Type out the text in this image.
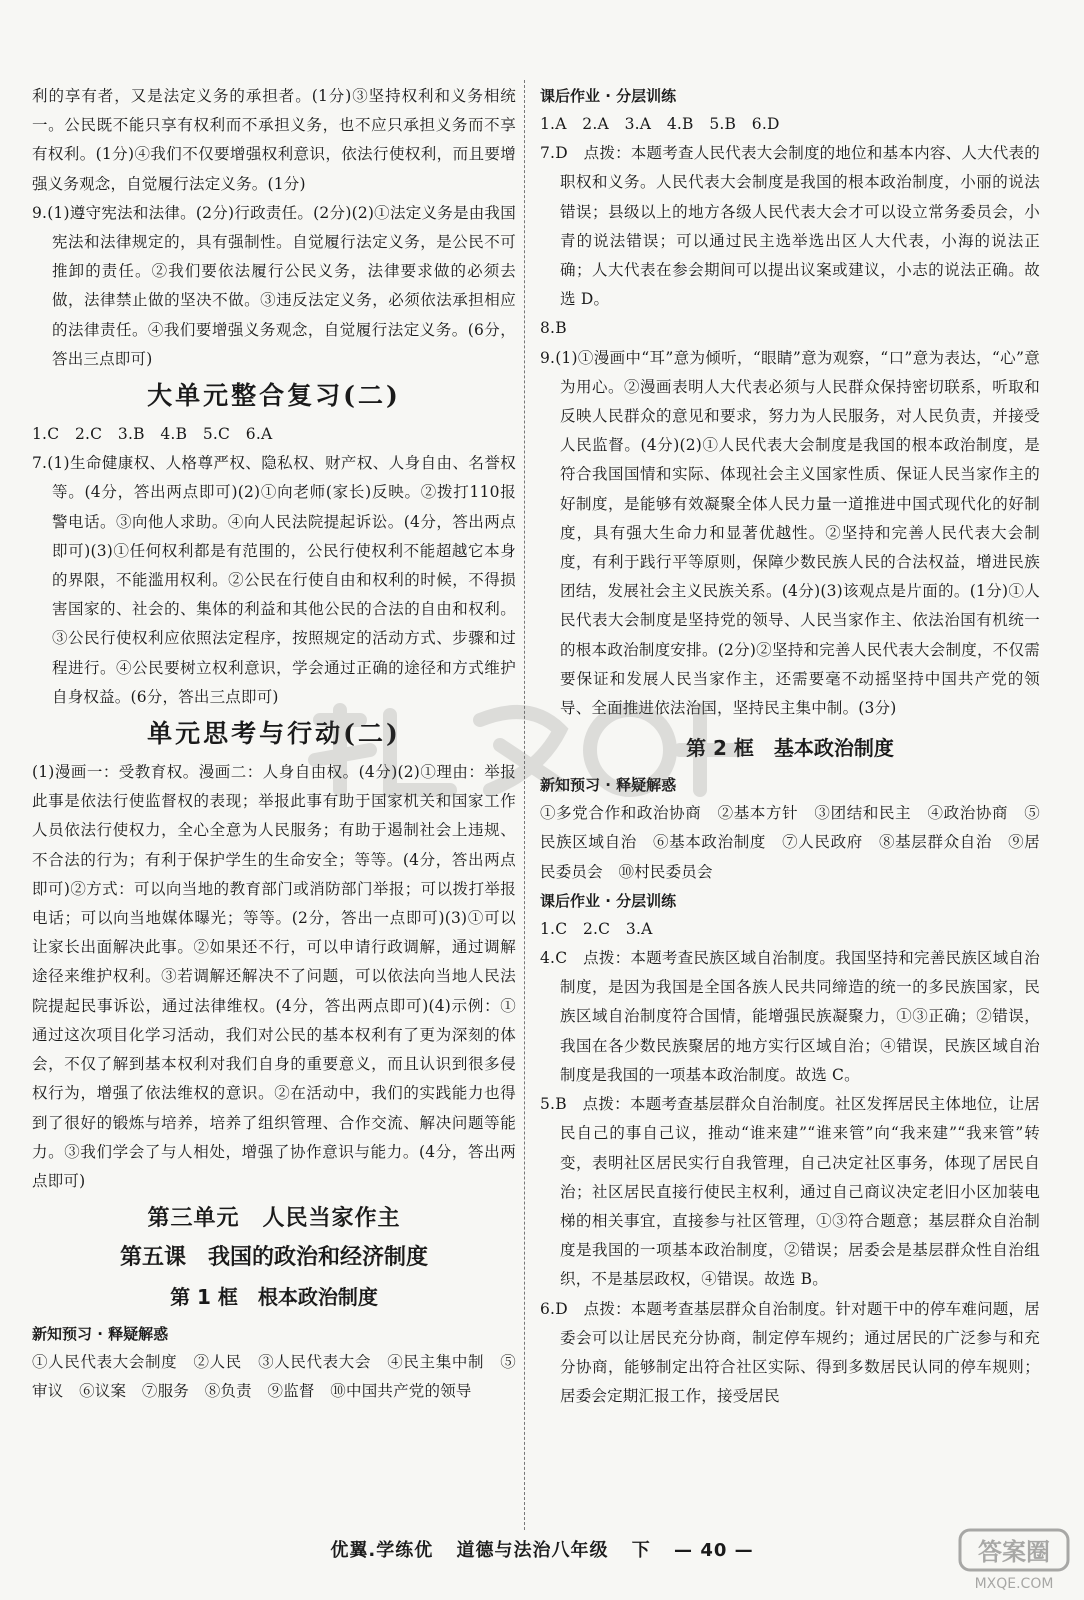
利的享有者，又是法定义务的承担者。(1分)③坚持权利和义务相统一。公民既不能只享有权利而不承担义务，也不应只承担义务而不享有权利。(1分)④我们不仅要增强权利意识，依法行使权利，而且要增强义务观念，自觉履行法定义务。(1分)

9.(1)遵守宪法和法律。(2分)行政责任。(2分)(2)①法定义务是由我国宪法和法律规定的，具有强制性。自觉履行法定义务，是公民不可推卸的责任。②我们要依法履行公民义务，法律要求做的必须去做，法律禁止做的坚决不做。③违反法定义务，必须依法承担相应的法律责任。④我们要增强义务观念，自觉履行法定义务。(6分，答出三点即可)

大单元整合复习(二)

1.C　2.C　3.B　4.B　5.C　6.A

7.(1)生命健康权、人格尊严权、隐私权、财产权、人身自由、名誉权等。(4分，答出两点即可)(2)①向老师(家长)反映。②拨打110报警电话。③向他人求助。④向人民法院提起诉讼。(4分，答出两点即可)(3)①任何权利都是有范围的，公民行使权利不能超越它本身的界限，不能滥用权利。②公民在行使自由和权利的时候，不得损害国家的、社会的、集体的利益和其他公民的合法的自由和权利。③公民行使权利应依照法定程序，按照规定的活动方式、步骤和过程进行。④公民要树立权利意识，学会通过正确的途径和方式维护自身权益。(6分，答出三点即可)

单元思考与行动(二)

(1)漫画一：受教育权。漫画二：人身自由权。(4分)(2)①理由：举报此事是依法行使监督权的表现；举报此事有助于国家机关和国家工作人员依法行使权力，全心全意为人民服务；有助于遏制社会上违规、不合法的行为；有利于保护学生的生命安全；等等。(4分，答出两点即可)②方式：可以向当地的教育部门或消防部门举报；可以拨打举报电话；可以向当地媒体曝光；等等。(2分，答出一点即可)(3)①可以让家长出面解决此事。②如果还不行，可以申请行政调解，通过调解途径来维护权利。③若调解还解决不了问题，可以依法向当地人民法院提起民事诉讼，通过法律维权。(4分，答出两点即可)(4)示例：①通过这次项目化学习活动，我们对公民的基本权利有了更为深刻的体会，不仅了解到基本权利对我们自身的重要意义，而且认识到很多侵权行为，增强了依法维权的意识。②在活动中，我们的实践能力也得到了很好的锻炼与培养，培养了组织管理、合作交流、解决问题等能力。③我们学会了与人相处，增强了协作意识与能力。(4分，答出两点即可)

第三单元　人民当家作主
第五课　我国的政治和经济制度
第 1 框　根本政治制度

新知预习 · 释疑解惑

①人民代表大会制度　②人民　③人民代表大会　④民主集中制　⑤审议　⑥议案　⑦服务　⑧负责　⑨监督　⑩中国共产党的领导

课后作业 · 分层训练

1.A　2.A　3.A　4.B　5.B　6.D

7.D　点拨：本题考查人民代表大会制度的地位和基本内容、人大代表的职权和义务。人民代表大会制度是我国的根本政治制度，小丽的说法错误；县级以上的地方各级人民代表大会才可以设立常务委员会，小青的说法错误；可以通过民主选举选出区人大代表，小海的说法正确；人大代表在参会期间可以提出议案或建议，小志的说法正确。故选 D。

8.B

9.(1)①漫画中“耳”意为倾听，“眼睛”意为观察，“口”意为表达，“心”意为用心。②漫画表明人大代表必须与人民群众保持密切联系，听取和反映人民群众的意见和要求，努力为人民服务，对人民负责，并接受人民监督。(4分)(2)①人民代表大会制度是我国的根本政治制度，是符合我国国情和实际、体现社会主义国家性质、保证人民当家作主的好制度，是能够有效凝聚全体人民力量一道推进中国式现代化的好制度，具有强大生命力和显著优越性。②坚持和完善人民代表大会制度，有利于践行平等原则，保障少数民族人民的合法权益，增进民族团结，发展社会主义民族关系。(4分)(3)该观点是片面的。(1分)①人民代表大会制度是坚持党的领导、人民当家作主、依法治国有机统一的根本政治制度安排。(2分)②坚持和完善人民代表大会制度，不仅需要保证和发展人民当家作主，还需要毫不动摇坚持中国共产党的领导、全面推进依法治国，坚持民主集中制。(3分)

第 2 框　基本政治制度

新知预习 · 释疑解惑

①多党合作和政治协商　②基本方针　③团结和民主　④政治协商　⑤民族区域自治　⑥基本政治制度　⑦人民政府　⑧基层群众自治　⑨居民委员会　⑩村民委员会

课后作业 · 分层训练

1.C　2.C　3.A

4.C　点拨：本题考查民族区域自治制度。我国坚持和完善民族区域自治制度，是因为我国是全国各族人民共同缔造的统一的多民族国家，民族区域自治制度符合国情，能增强民族凝聚力，①③正确；②错误，我国在各少数民族聚居的地方实行区域自治；④错误，民族区域自治制度是我国的一项基本政治制度。故选 C。

5.B　点拨：本题考查基层群众自治制度。社区发挥居民主体地位，让居民自己的事自己议，推动“谁来建”“谁来管”向“我来建”“我来管”转变，表明社区居民实行自我管理，自己决定社区事务，体现了居民自治；社区居民直接行使民主权利，通过自己商议决定老旧小区加装电梯的相关事宜，直接参与社区管理，①③符合题意；基层群众自治制度是我国的一项基本政治制度，②错误；居委会是基层群众性自治组织，不是基层政权，④错误。故选 B。

6.D　点拨：本题考查基层群众自治制度。针对题干中的停车难问题，居委会可以让居民充分协商，制定停车规约；通过居民的广泛参与和充分协商，能够制定出符合社区实际、得到多数居民认同的停车规则；居委会定期汇报工作，接受居民

答案圈
MXQE.COM
优翼.学练优 道德与法治八年级 下 — 40 —
